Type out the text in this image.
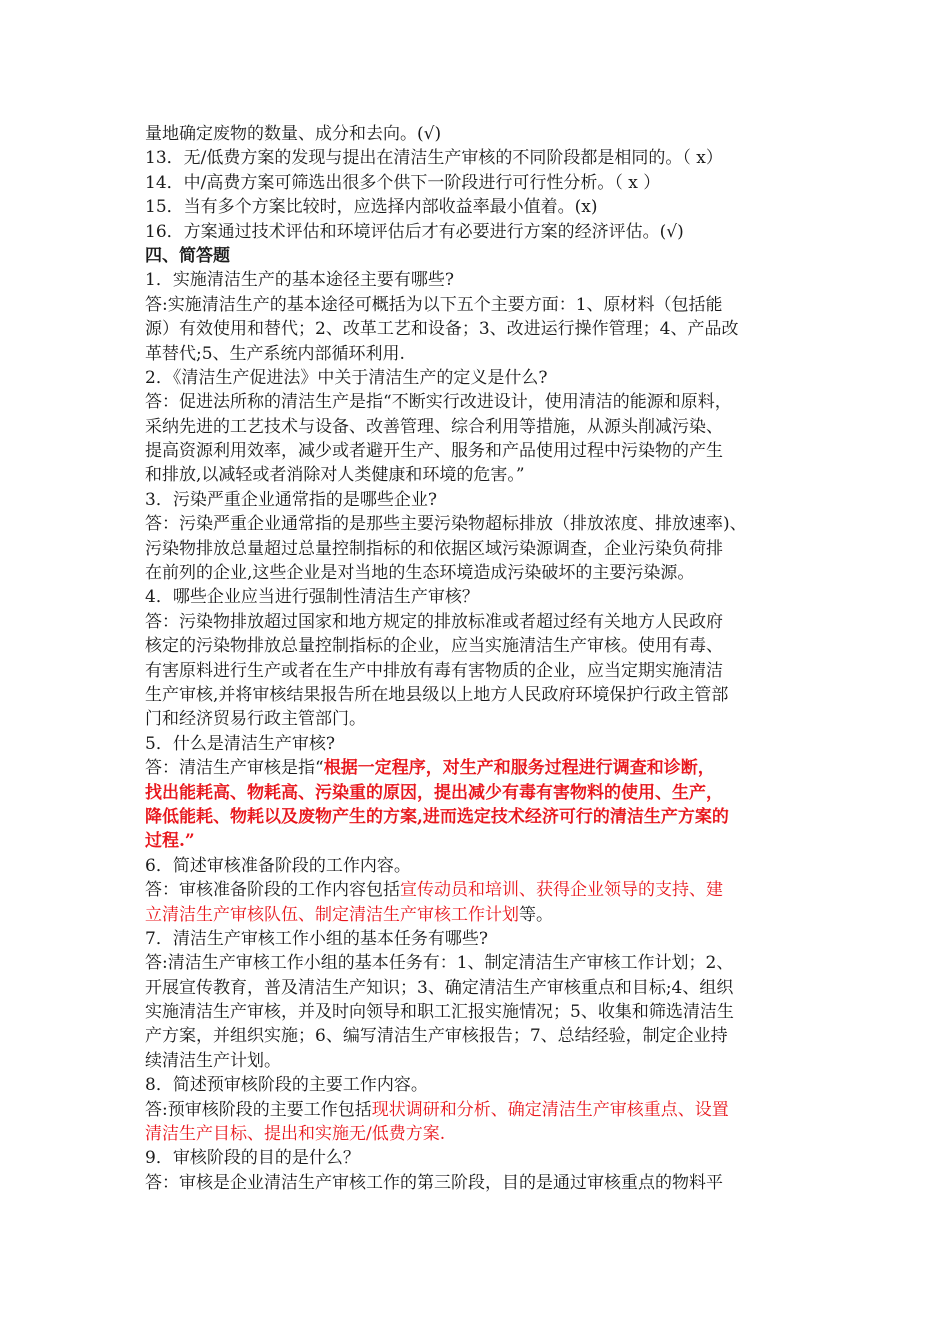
量地确定废物的数量、成分和去向。(√)
13．无/低费方案的发现与提出在清洁生产审核的不同阶段都是相同的。（ x）
14．中/高费方案可筛选出很多个供下一阶段进行可行性分析。（ x ）
15．当有多个方案比较时，应选择内部收益率最小值着。(x)
16．方案通过技术评估和环境评估后才有必要进行方案的经济评估。(√)
四、简答题
1．实施清洁生产的基本途径主要有哪些?
答:实施清洁生产的基本途径可概括为以下五个主要方面：1、原材料（包括能
源）有效使用和替代；2、改革工艺和设备；3、改进运行操作管理；4、产品改
革替代;5、生产系统内部循环利用.
2．《清洁生产促进法》中关于清洁生产的定义是什么?
答：促进法所称的清洁生产是指“不断实行改进设计，使用清洁的能源和原料，
采纳先进的工艺技术与设备、改善管理、综合利用等措施，从源头削减污染、
提高资源利用效率，减少或者避开生产、服务和产品使用过程中污染物的产生
和排放,以减轻或者消除对人类健康和环境的危害。”
3．污染严重企业通常指的是哪些企业?
答：污染严重企业通常指的是那些主要污染物超标排放（排放浓度、排放速率)、
污染物排放总量超过总量控制指标的和依据区域污染源调查，企业污染负荷排
在前列的企业,这些企业是对当地的生态环境造成污染破坏的主要污染源。
4．哪些企业应当进行强制性清洁生产审核？
答：污染物排放超过国家和地方规定的排放标准或者超过经有关地方人民政府
核定的污染物排放总量控制指标的企业，应当实施清洁生产审核。使用有毒、
有害原料进行生产或者在生产中排放有毒有害物质的企业，应当定期实施清洁
生产审核,并将审核结果报告所在地县级以上地方人民政府环境保护行政主管部
门和经济贸易行政主管部门。
5．什么是清洁生产审核?
答：清洁生产审核是指“根据一定程序，对生产和服务过程进行调查和诊断，
找出能耗高、物耗高、污染重的原因，提出减少有毒有害物料的使用、生产，
降低能耗、物耗以及废物产生的方案,进而选定技术经济可行的清洁生产方案的
过程.”
6．简述审核准备阶段的工作内容。
答：审核准备阶段的工作内容包括宣传动员和培训、获得企业领导的支持、建
立清洁生产审核队伍、制定清洁生产审核工作计划等。
7．清洁生产审核工作小组的基本任务有哪些?
答:清洁生产审核工作小组的基本任务有：1、制定清洁生产审核工作计划；2、
开展宣传教育，普及清洁生产知识；3、确定清洁生产审核重点和目标;4、组织
实施清洁生产审核，并及时向领导和职工汇报实施情况；5、收集和筛选清洁生
产方案，并组织实施；6、编写清洁生产审核报告；7、总结经验，制定企业持
续清洁生产计划。
8．简述预审核阶段的主要工作内容。
答:预审核阶段的主要工作包括现状调研和分析、确定清洁生产审核重点、设置
清洁生产目标、提出和实施无/低费方案.
9．审核阶段的目的是什么？
答：审核是企业清洁生产审核工作的第三阶段，目的是通过审核重点的物料平
